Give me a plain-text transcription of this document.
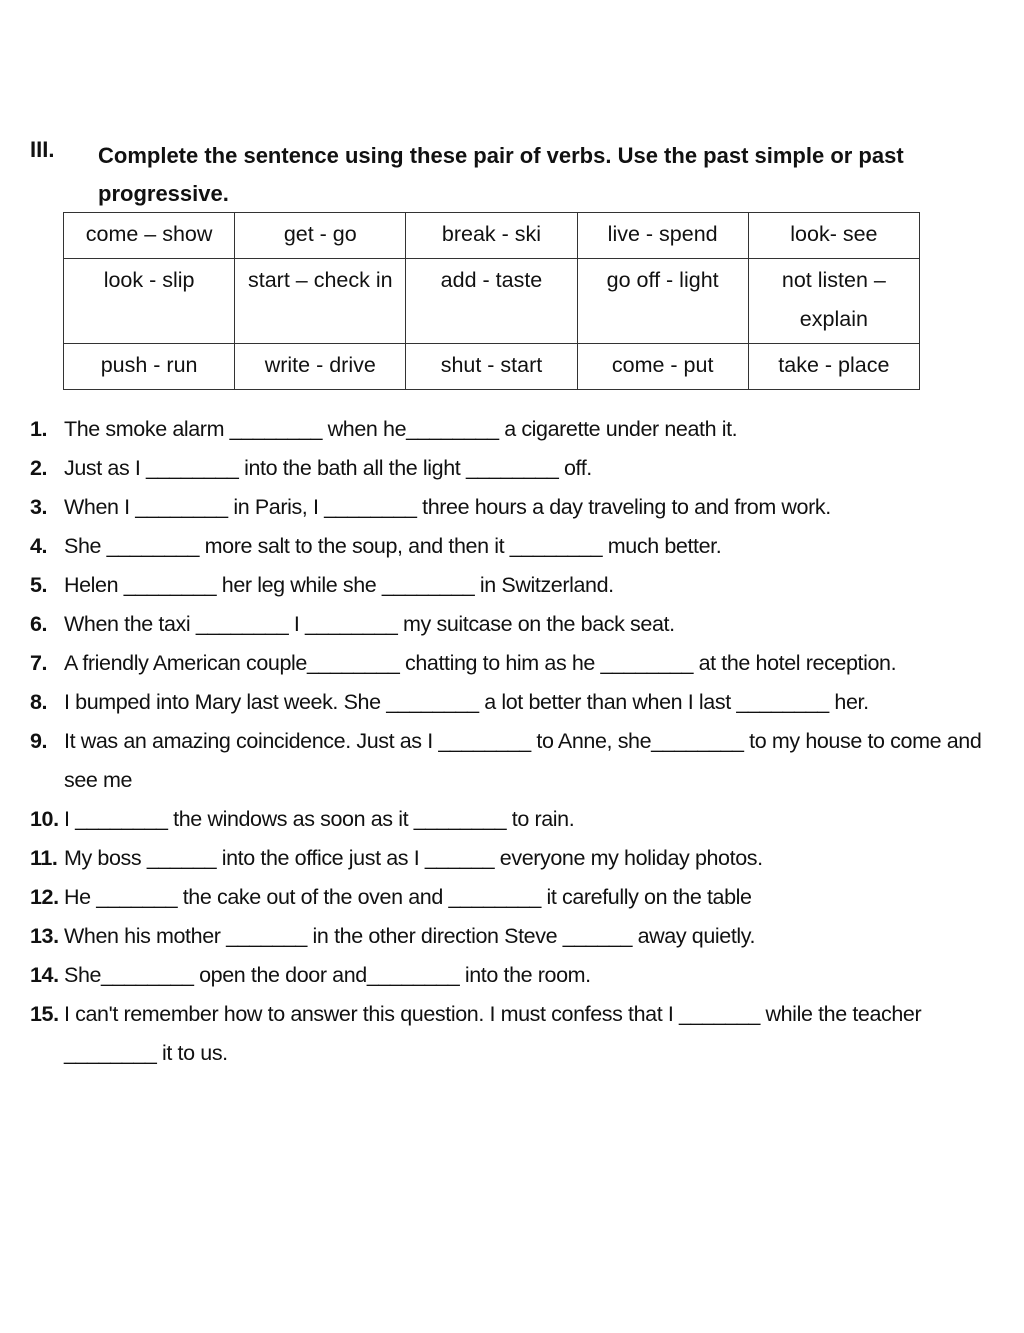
III. Complete the sentence using these pair of verbs. Use the past simple or past progressive.
come – show	get - go	break - ski	live - spend	look- see
look - slip	start – check in	add - taste	go off - light	not listen – explain
push - run	write - drive	shut - start	come - put	take - place
1. The smoke alarm ________ when he________ a cigarette under neath it.
2. Just as I ________ into the bath all the light ________ off.
3. When I ________ in Paris, I ________ three hours a day traveling to and from work.
4. She ________ more salt to the soup, and then it ________ much better.
5. Helen ________ her leg while she ________ in Switzerland.
6. When the taxi ________ I ________ my suitcase on the back seat.
7. A friendly American couple________ chatting to him as he ________ at the hotel reception.
8. I bumped into Mary last week. She ________ a lot better than when I last ________ her.
9. It was an amazing coincidence. Just as I ________ to Anne, she________ to my house to come and see me
10. I ________ the windows as soon as it ________ to rain.
11. My boss ______ into the office just as I ______ everyone my holiday photos.
12. He _______ the cake out of the oven and ________ it carefully on the table
13. When his mother _______ in the other direction Steve ______ away quietly.
14. She________ open the door and________ into the room.
15. I can't remember how to answer this question. I must confess that I _______ while the teacher ________ it to us.
